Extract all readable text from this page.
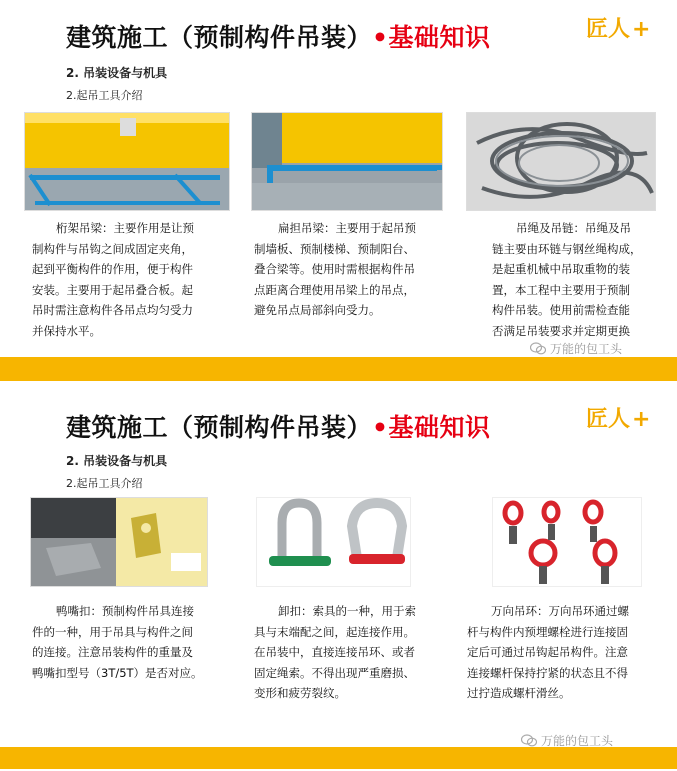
建筑施工（预制构件吊装）•基础知识	匠人+
2. 吊装设备与机具
2.起吊工具介绍
桁架吊梁：主要作用是让预
制构件与吊钩之间成固定夹角，
起到平衡构件的作用，便于构件
安装。主要用于起吊叠合板。起
吊时需注意构件各吊点均匀受力
并保持水平。
扁担吊梁：主要用于起吊预
制墙板、预制楼梯、预制阳台、
叠合梁等。使用时需根据构件吊
点距离合理使用吊梁上的吊点，
避免吊点局部斜向受力。
吊绳及吊链：吊绳及吊
链主要由环链与钢丝绳构成，
是起重机械中吊取重物的装
置，本工程中主要用于预制
构件吊装。使用前需检查能
否满足吊装要求并定期更换
万能的包工头
建筑施工（预制构件吊装）•基础知识	匠人+
2. 吊装设备与机具
2.起吊工具介绍
鸭嘴扣：预制构件吊具连接
件的一种，用于吊具与构件之间
的连接。注意吊装构件的重量及
鸭嘴扣型号（3T/5T）是否对应。
卸扣：索具的一种，用于索
具与末端配之间，起连接作用。
在吊装中，直接连接吊环、或者
固定绳索。不得出现严重磨损、
变形和疲劳裂纹。
万向吊环：万向吊环通过螺
杆与构件内预埋螺栓进行连接固
定后可通过吊钩起吊构件。注意
连接螺杆保持拧紧的状态且不得
过拧造成螺杆滑丝。
万能的包工头
